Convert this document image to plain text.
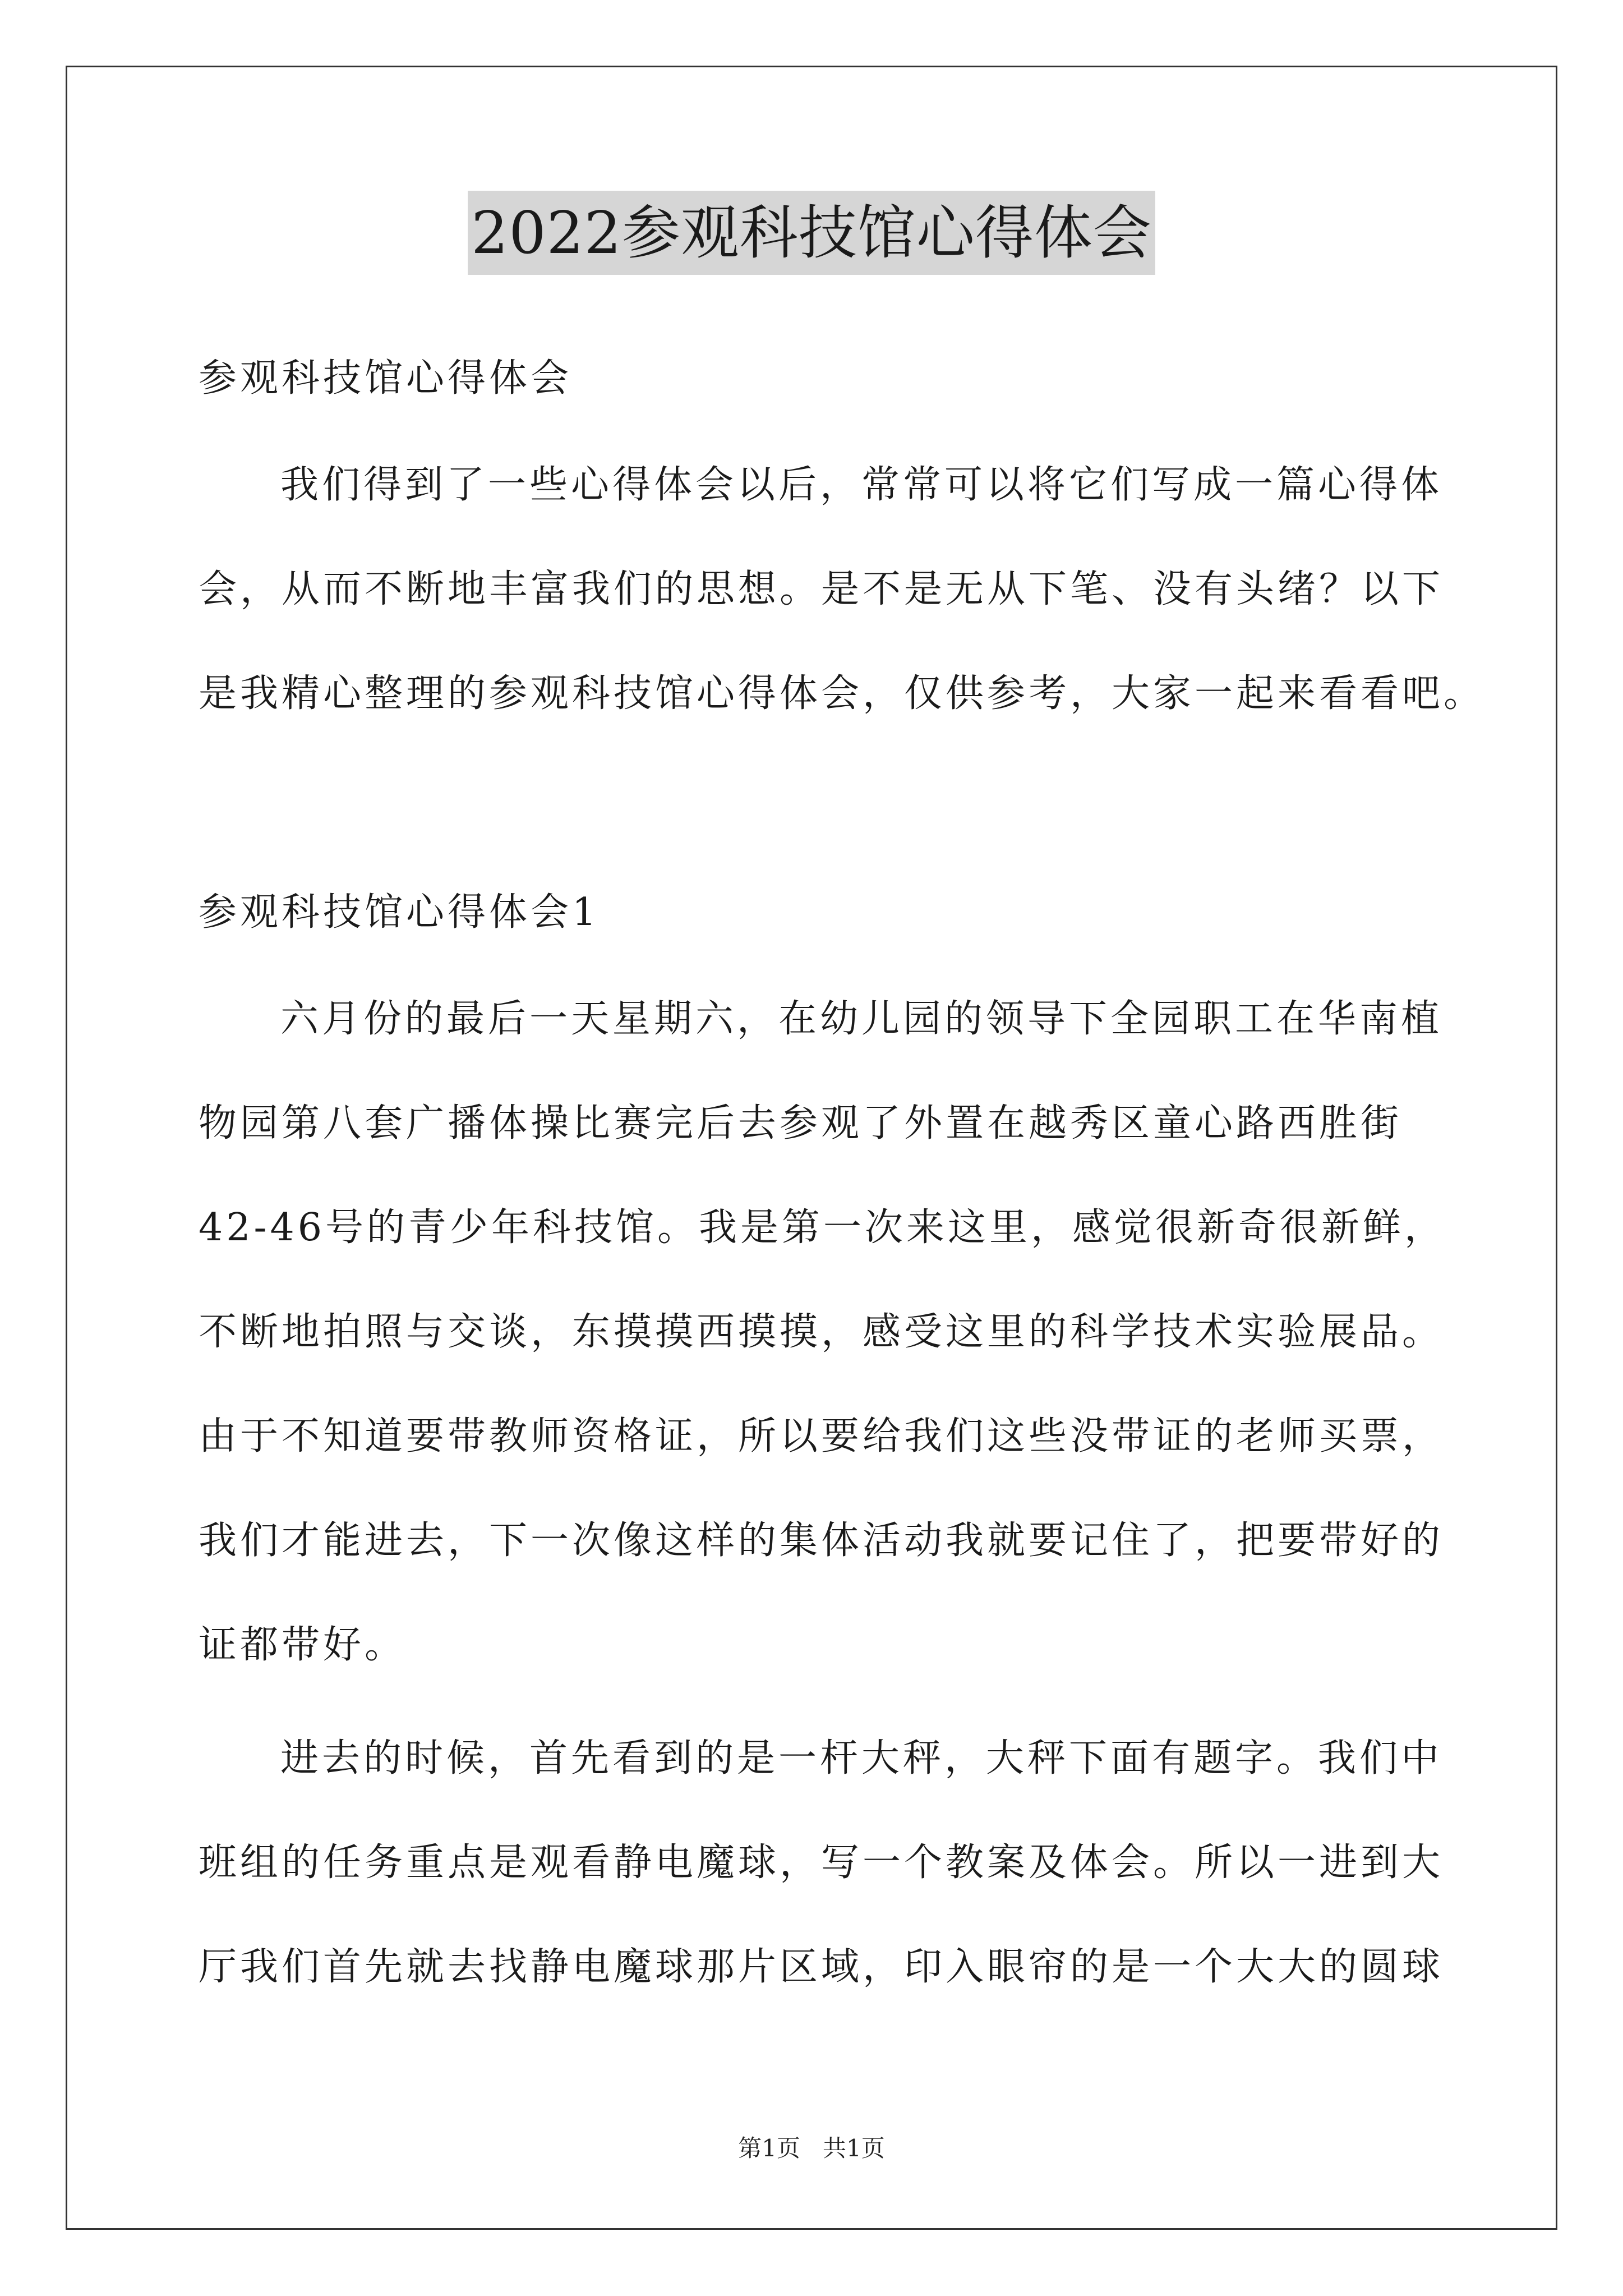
2022参观科技馆心得体会
参观科技馆心得体会
我们得到了一些心得体会以后，常常可以将它们写成一篇心得体
会，从而不断地丰富我们的思想。是不是无从下笔、没有头绪？以下
是我精心整理的参观科技馆心得体会，仅供参考，大家一起来看看吧。
参观科技馆心得体会1
六月份的最后一天星期六，在幼儿园的领导下全园职工在华南植
物园第八套广播体操比赛完后去参观了外置在越秀区童心路西胜街
42-46号的青少年科技馆。我是第一次来这里，感觉很新奇很新鲜，
不断地拍照与交谈，东摸摸西摸摸，感受这里的科学技术实验展品。
由于不知道要带教师资格证，所以要给我们这些没带证的老师买票，
我们才能进去，下一次像这样的集体活动我就要记住了，把要带好的
证都带好。
进去的时候，首先看到的是一杆大秤，大秤下面有题字。我们中
班组的任务重点是观看静电魔球，写一个教案及体会。所以一进到大
厅我们首先就去找静电魔球那片区域，印入眼帘的是一个大大的圆球
第1页 共1页
